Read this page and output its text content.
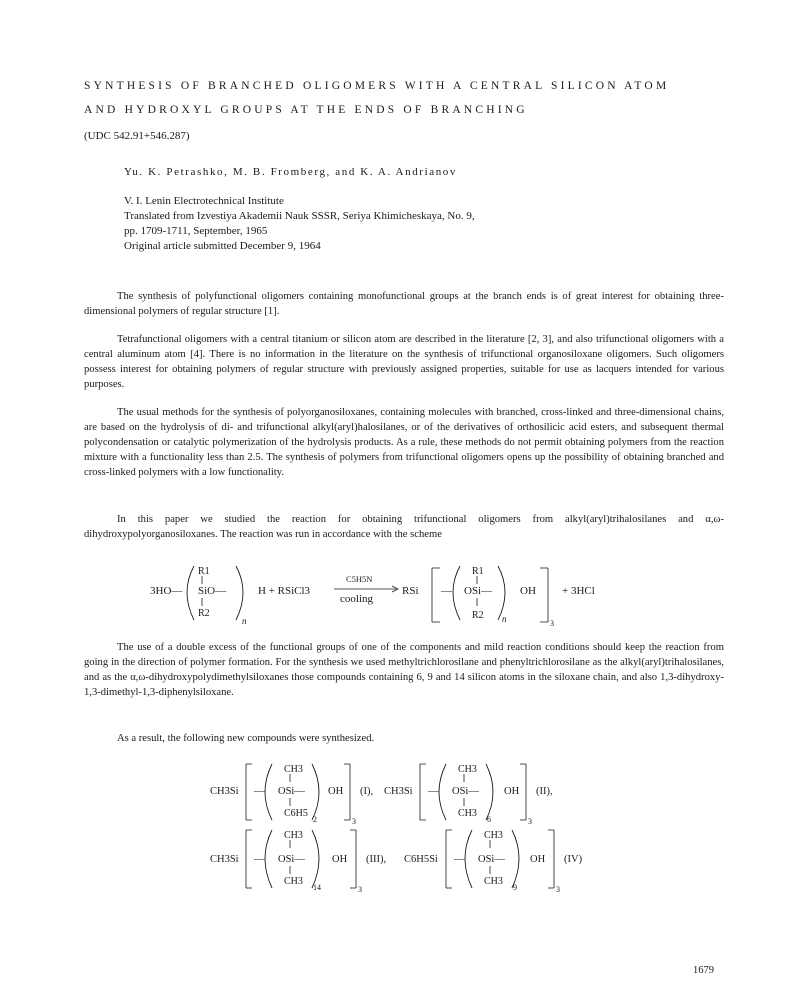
SYNTHESIS OF BRANCHED OLIGOMERS WITH A CENTRAL SILICON ATOM
AND HYDROXYL GROUPS AT THE ENDS OF BRANCHING
(UDC 542.91+546.287)
Yu. K. Petrashko, M. B. Fromberg, and K. A. Andrianov
V. I. Lenin Electrotechnical Institute
Translated from Izvestiya Akademii Nauk SSSR, Seriya Khimicheskaya, No. 9,
pp. 1709-1711, September, 1965
Original article submitted December 9, 1964

The synthesis of polyfunctional oligomers containing monofunctional groups at the branch ends is of great interest for obtaining three-dimensional polymers of regular structure [1].

Tetrafunctional oligomers with a central titanium or silicon atom are described in the literature [2, 3], and also trifunctional oligomers with a central aluminum atom [4]. There is no information in the literature on the synthesis of trifunctional organosiloxane oligomers. Such oligomers possess interest for obtaining polymers of regular structure with previously assigned properties, suitable for use as lacquers intended for various purposes.

The usual methods for the synthesis of polyorganosiloxanes, containing molecules with branched, cross-linked and three-dimensional chains, are based on the hydrolysis of di- and trifunctional alkyl(aryl)halosilanes, or of the derivatives of orthosilicic acid esters, and subsequent thermal polycondensation or catalytic polymerization of the hydrolysis products. As a rule, these methods do not permit obtaining polymers from the reaction mixture with a functionality less than 2.5. The synthesis of polymers from trifunctional oligomers opens up the possibility of obtaining branched and cross-linked polymers with a low functionality.

In this paper we studied the reaction for obtaining trifunctional oligomers from alkyl(aryl)trihalosilanes and α,ω-dihydroxypolyorganosiloxanes. The reaction was run in accordance with the scheme

3HO—
R1
SiO—
R2
n
H + RSiCl3
C5H5N
cooling
RSi —
R1
OSi—
R2 n
OH
3
+ 3HCl

The use of a double excess of the functional groups of one of the components and mild reaction conditions should keep the reaction from going in the direction of polymer formation. For the synthesis we used methyltrichlorosilane and phenyltrichlorosilane as the alkyl(aryl)trihalosilanes, and as the α,ω-dihydroxypolydimethylsiloxanes those compounds containing 6, 9 and 14 silicon atoms in the siloxane chain, and also 1,3-dihydroxy-1,3-dimethyl-1,3-diphenylsiloxane.

As a result, the following new compounds were synthesized.

CH3Si —
CH3
OSi—
C6H5
2
OH
3
(I), CH3Si —
CH3
OSi—
CH3
6
OH
3
(II),
CH3Si —
CH3
OSi—
CH3
14
OH
3
(III), C6H5Si —
CH3
OSi—
CH3
9
OH
3
(IV)
1679
